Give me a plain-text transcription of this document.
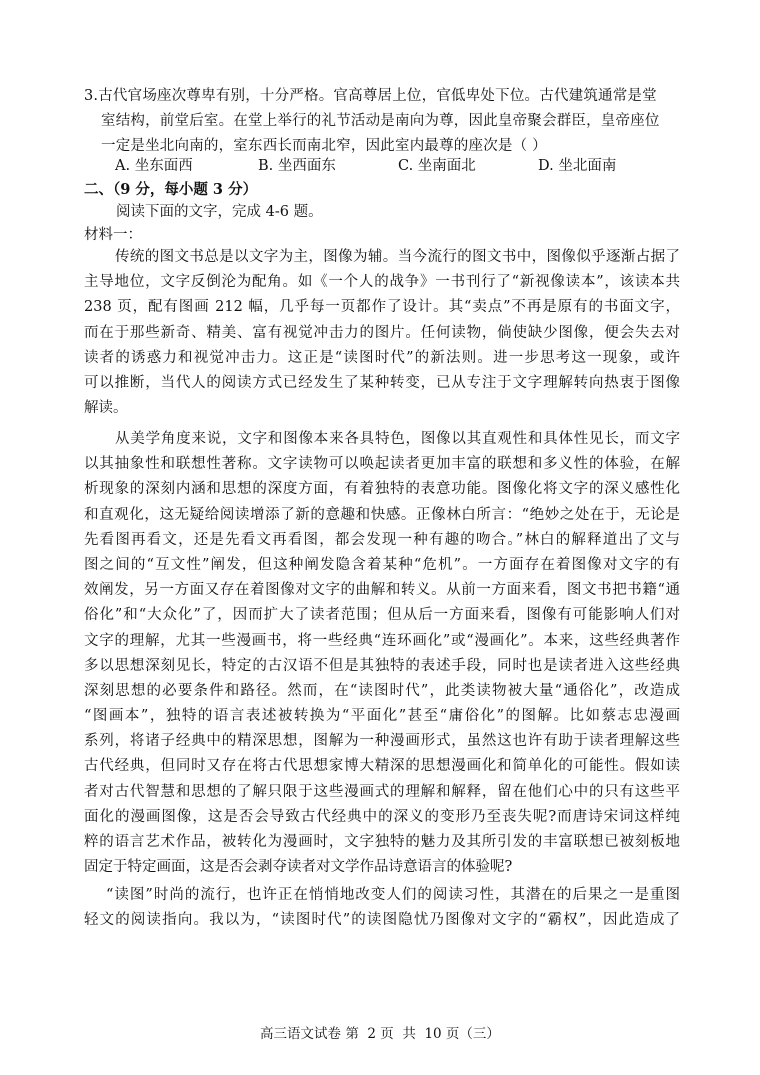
3.古代官场座次尊卑有别，十分严格。官高尊居上位，官低卑处下位。古代建筑通常是堂
室结构，前堂后室。在堂上举行的礼节活动是南向为尊，因此皇帝聚会群臣，皇帝座位
一定是坐北向南的，室东西长而南北窄，因此室内最尊的座次是（ ）
A. 坐东面西	B. 坐西面东	C. 坐南面北	D. 坐北面南
二、（9 分，每小题 3 分）
阅读下面的文字，完成 4-6 题。
材料一：
传统的图文书总是以文字为主，图像为辅。当今流行的图文书中，图像似乎逐渐占据了
主导地位，文字反倒沦为配角。如《一个人的战争》一书刊行了“新视像读本”，该读本共
238 页，配有图画 212 幅，几乎每一页都作了设计。其“卖点”不再是原有的书面文字，
而在于那些新奇、精美、富有视觉冲击力的图片。任何读物，倘使缺少图像，便会失去对
读者的诱惑力和视觉冲击力。这正是“读图时代”的新法则。进一步思考这一现象，或许
可以推断，当代人的阅读方式已经发生了某种转变，已从专注于文字理解转向热衷于图像
解读。
从美学角度来说，文字和图像本来各具特色，图像以其直观性和具体性见长，而文字
以其抽象性和联想性著称。文字读物可以唤起读者更加丰富的联想和多义性的体验，在解
析现象的深刻内涵和思想的深度方面，有着独特的表意功能。图像化将文字的深义感性化
和直观化，这无疑给阅读增添了新的意趣和快感。正像林白所言：“绝妙之处在于，无论是
先看图再看文，还是先看文再看图，都会发现一种有趣的吻合。”林白的解释道出了文与
图之间的“互文性”阐发，但这种阐发隐含着某种“危机”。一方面存在着图像对文字的有
效阐发，另一方面又存在着图像对文字的曲解和转义。从前一方面来看，图文书把书籍“通
俗化”和“大众化”了，因而扩大了读者范围；但从后一方面来看，图像有可能影响人们对
文字的理解，尤其一些漫画书，将一些经典“连环画化”或“漫画化”。本来，这些经典著作
多以思想深刻见长，特定的古汉语不但是其独特的表述手段，同时也是读者进入这些经典
深刻思想的必要条件和路径。然而，在“读图时代”，此类读物被大量“通俗化”，改造成
“图画本”，独特的语言表述被转换为“平面化”甚至“庸俗化”的图解。比如蔡志忠漫画
系列，将诸子经典中的精深思想，图解为一种漫画形式，虽然这也许有助于读者理解这些
古代经典，但同时又存在将古代思想家博大精深的思想漫画化和简单化的可能性。假如读
者对古代智慧和思想的了解只限于这些漫画式的理解和解释，留在他们心中的只有这些平
面化的漫画图像，这是否会导致古代经典中的深义的变形乃至丧失呢?而唐诗宋词这样纯
粹的语言艺术作品，被转化为漫画时，文字独特的魅力及其所引发的丰富联想已被刻板地
固定于特定画面，这是否会剥夺读者对文学作品诗意语言的体验呢?
“读图”时尚的流行，也许正在悄悄地改变人们的阅读习性，其潜在的后果之一是重图
轻文的阅读指向。我以为，“读图时代”的读图隐忧乃图像对文字的“霸权”，因此造成了
高三语文试卷 第  2 页  共  10 页（三）
